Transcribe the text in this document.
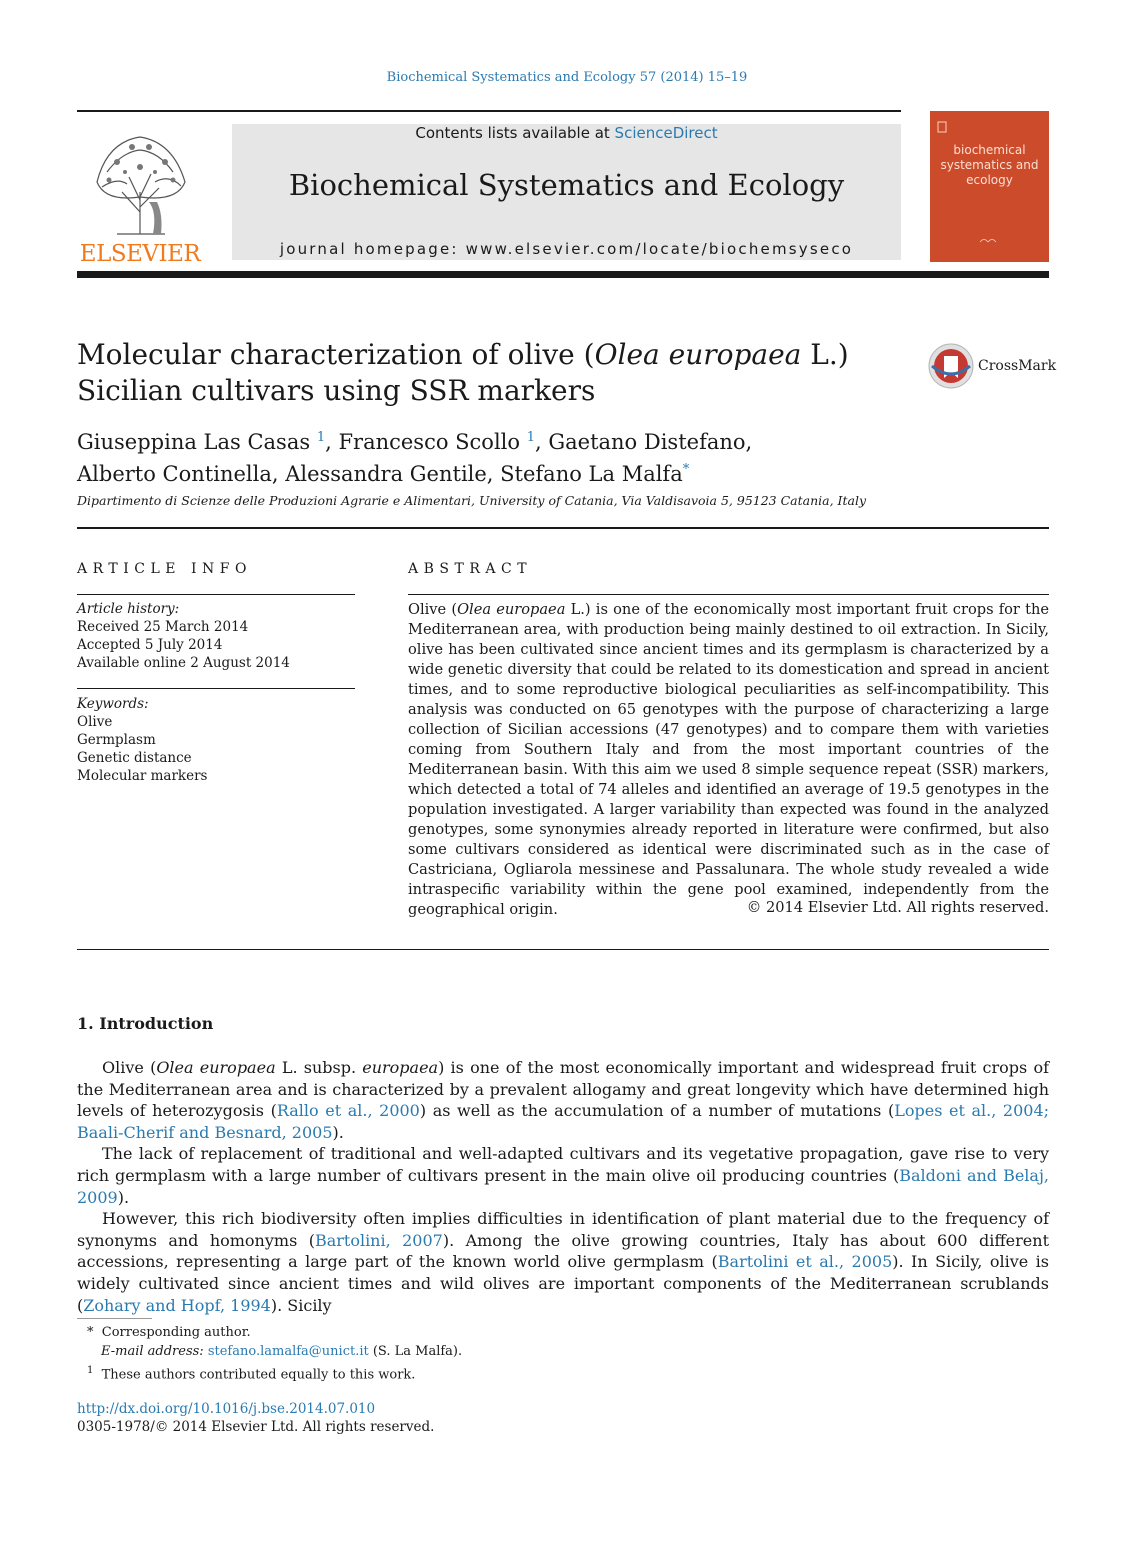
Biochemical Systematics and Ecology 57 (2014) 15–19
ELSEVIER
Contents lists available at ScienceDirect
Biochemical Systematics and Ecology
journal homepage: www.elsevier.com/locate/biochemsyseco
biochemical systematics and ecology
Molecular characterization of olive (Olea europaea L.) Sicilian cultivars using SSR markers
CrossMark
Giuseppina Las Casas $^1$, Francesco Scollo $^1$, Gaetano Distefano,
Alberto Continella, Alessandra Gentile, Stefano La Malfa*
Dipartimento di Scienze delle Produzioni Agrarie e Alimentari, University of Catania, Via Valdisavoia 5, 95123 Catania, Italy
ARTICLE INFO
Article history:
Received 25 March 2014
Accepted 5 July 2014
Available online 2 August 2014
Keywords:
Olive
Germplasm
Genetic distance
Molecular markers
ABSTRACT
Olive (Olea europaea L.) is one of the economically most important fruit crops for the Mediterranean area, with production being mainly destined to oil extraction. In Sicily, olive has been cultivated since ancient times and its germplasm is characterized by a wide genetic diversity that could be related to its domestication and spread in ancient times, and to some reproductive biological peculiarities as self-incompatibility. This analysis was conducted on 65 genotypes with the purpose of characterizing a large collection of Sicilian accessions (47 genotypes) and to compare them with varieties coming from Southern Italy and from the most important countries of the Mediterranean basin. With this aim we used 8 simple sequence repeat (SSR) markers, which detected a total of 74 alleles and identified an average of 19.5 genotypes in the population investigated. A larger variability than expected was found in the analyzed genotypes, some synonymies already reported in literature were confirmed, but also some cultivars considered as identical were discriminated such as in the case of Castriciana, Ogliarola messinese and Passalunara. The whole study revealed a wide intraspecific variability within the gene pool examined, independently from the geographical origin.	© 2014 Elsevier Ltd. All rights reserved.
1. Introduction

Olive (Olea europaea L. subsp. europaea) is one of the most economically important and widespread fruit crops of the Mediterranean area and is characterized by a prevalent allogamy and great longevity which have determined high levels of heterozygosis (Rallo et al., 2000) as well as the accumulation of a number of mutations (Lopes et al., 2004; Baali-Cherif and Besnard, 2005).

The lack of replacement of traditional and well-adapted cultivars and its vegetative propagation, gave rise to very rich germplasm with a large number of cultivars present in the main olive oil producing countries (Baldoni and Belaj, 2009).

However, this rich biodiversity often implies difficulties in identification of plant material due to the frequency of synonyms and homonyms (Bartolini, 2007). Among the olive growing countries, Italy has about 600 different accessions, representing a large part of the known world olive germplasm (Bartolini et al., 2005). In Sicily, olive is widely cultivated since ancient times and wild olives are important components of the Mediterranean scrublands (Zohary and Hopf, 1994). Sicily

* Corresponding author.
E-mail address: stefano.lamalfa@unict.it (S. La Malfa).
$^1$ These authors contributed equally to this work.
http://dx.doi.org/10.1016/j.bse.2014.07.010
0305-1978/© 2014 Elsevier Ltd. All rights reserved.
